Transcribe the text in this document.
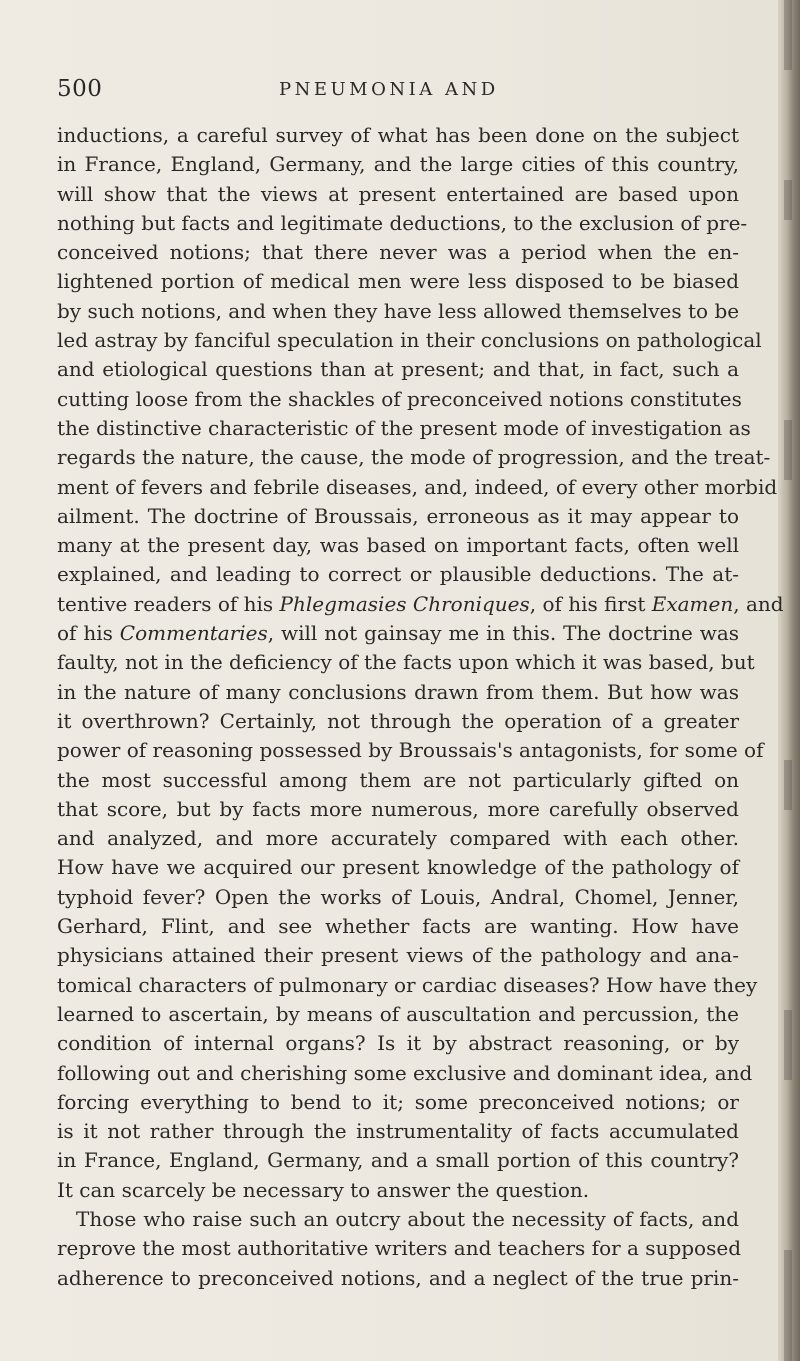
500	PNEUMONIA AND
inductions, a careful survey of what has been done on the subject
in France, England, Germany, and the large cities of this country,
will show that the views at present entertained are based upon
nothing but facts and legitimate deductions, to the exclusion of pre-
conceived notions; that there never was a period when the en-
lightened portion of medical men were less disposed to be biased
by such notions, and when they have less allowed themselves to be
led astray by fanciful speculation in their conclusions on pathological
and etiological questions than at present; and that, in fact, such a
cutting loose from the shackles of preconceived notions constitutes
the distinctive characteristic of the present mode of investigation as
regards the nature, the cause, the mode of progression, and the treat-
ment of fevers and febrile diseases, and, indeed, of every other morbid
ailment. The doctrine of Broussais, erroneous as it may appear to
many at the present day, was based on important facts, often well
explained, and leading to correct or plausible deductions. The at-
tentive readers of his Phlegmasies Chroniques, of his first Examen, and
of his Commentaries, will not gainsay me in this. The doctrine was
faulty, not in the deficiency of the facts upon which it was based, but
in the nature of many conclusions drawn from them. But how was
it overthrown? Certainly, not through the operation of a greater
power of reasoning possessed by Broussais's antagonists, for some of
the most successful among them are not particularly gifted on
that score, but by facts more numerous, more carefully observed
and analyzed, and more accurately compared with each other.
How have we acquired our present knowledge of the pathology of
typhoid fever? Open the works of Louis, Andral, Chomel, Jenner,
Gerhard, Flint, and see whether facts are wanting. How have
physicians attained their present views of the pathology and ana-
tomical characters of pulmonary or cardiac diseases? How have they
learned to ascertain, by means of auscultation and percussion, the
condition of internal organs? Is it by abstract reasoning, or by
following out and cherishing some exclusive and dominant idea, and
forcing everything to bend to it; some preconceived notions; or
is it not rather through the instrumentality of facts accumulated
in France, England, Germany, and a small portion of this country?
It can scarcely be necessary to answer the question.
Those who raise such an outcry about the necessity of facts, and
reprove the most authoritative writers and teachers for a supposed
adherence to preconceived notions, and a neglect of the true prin-
